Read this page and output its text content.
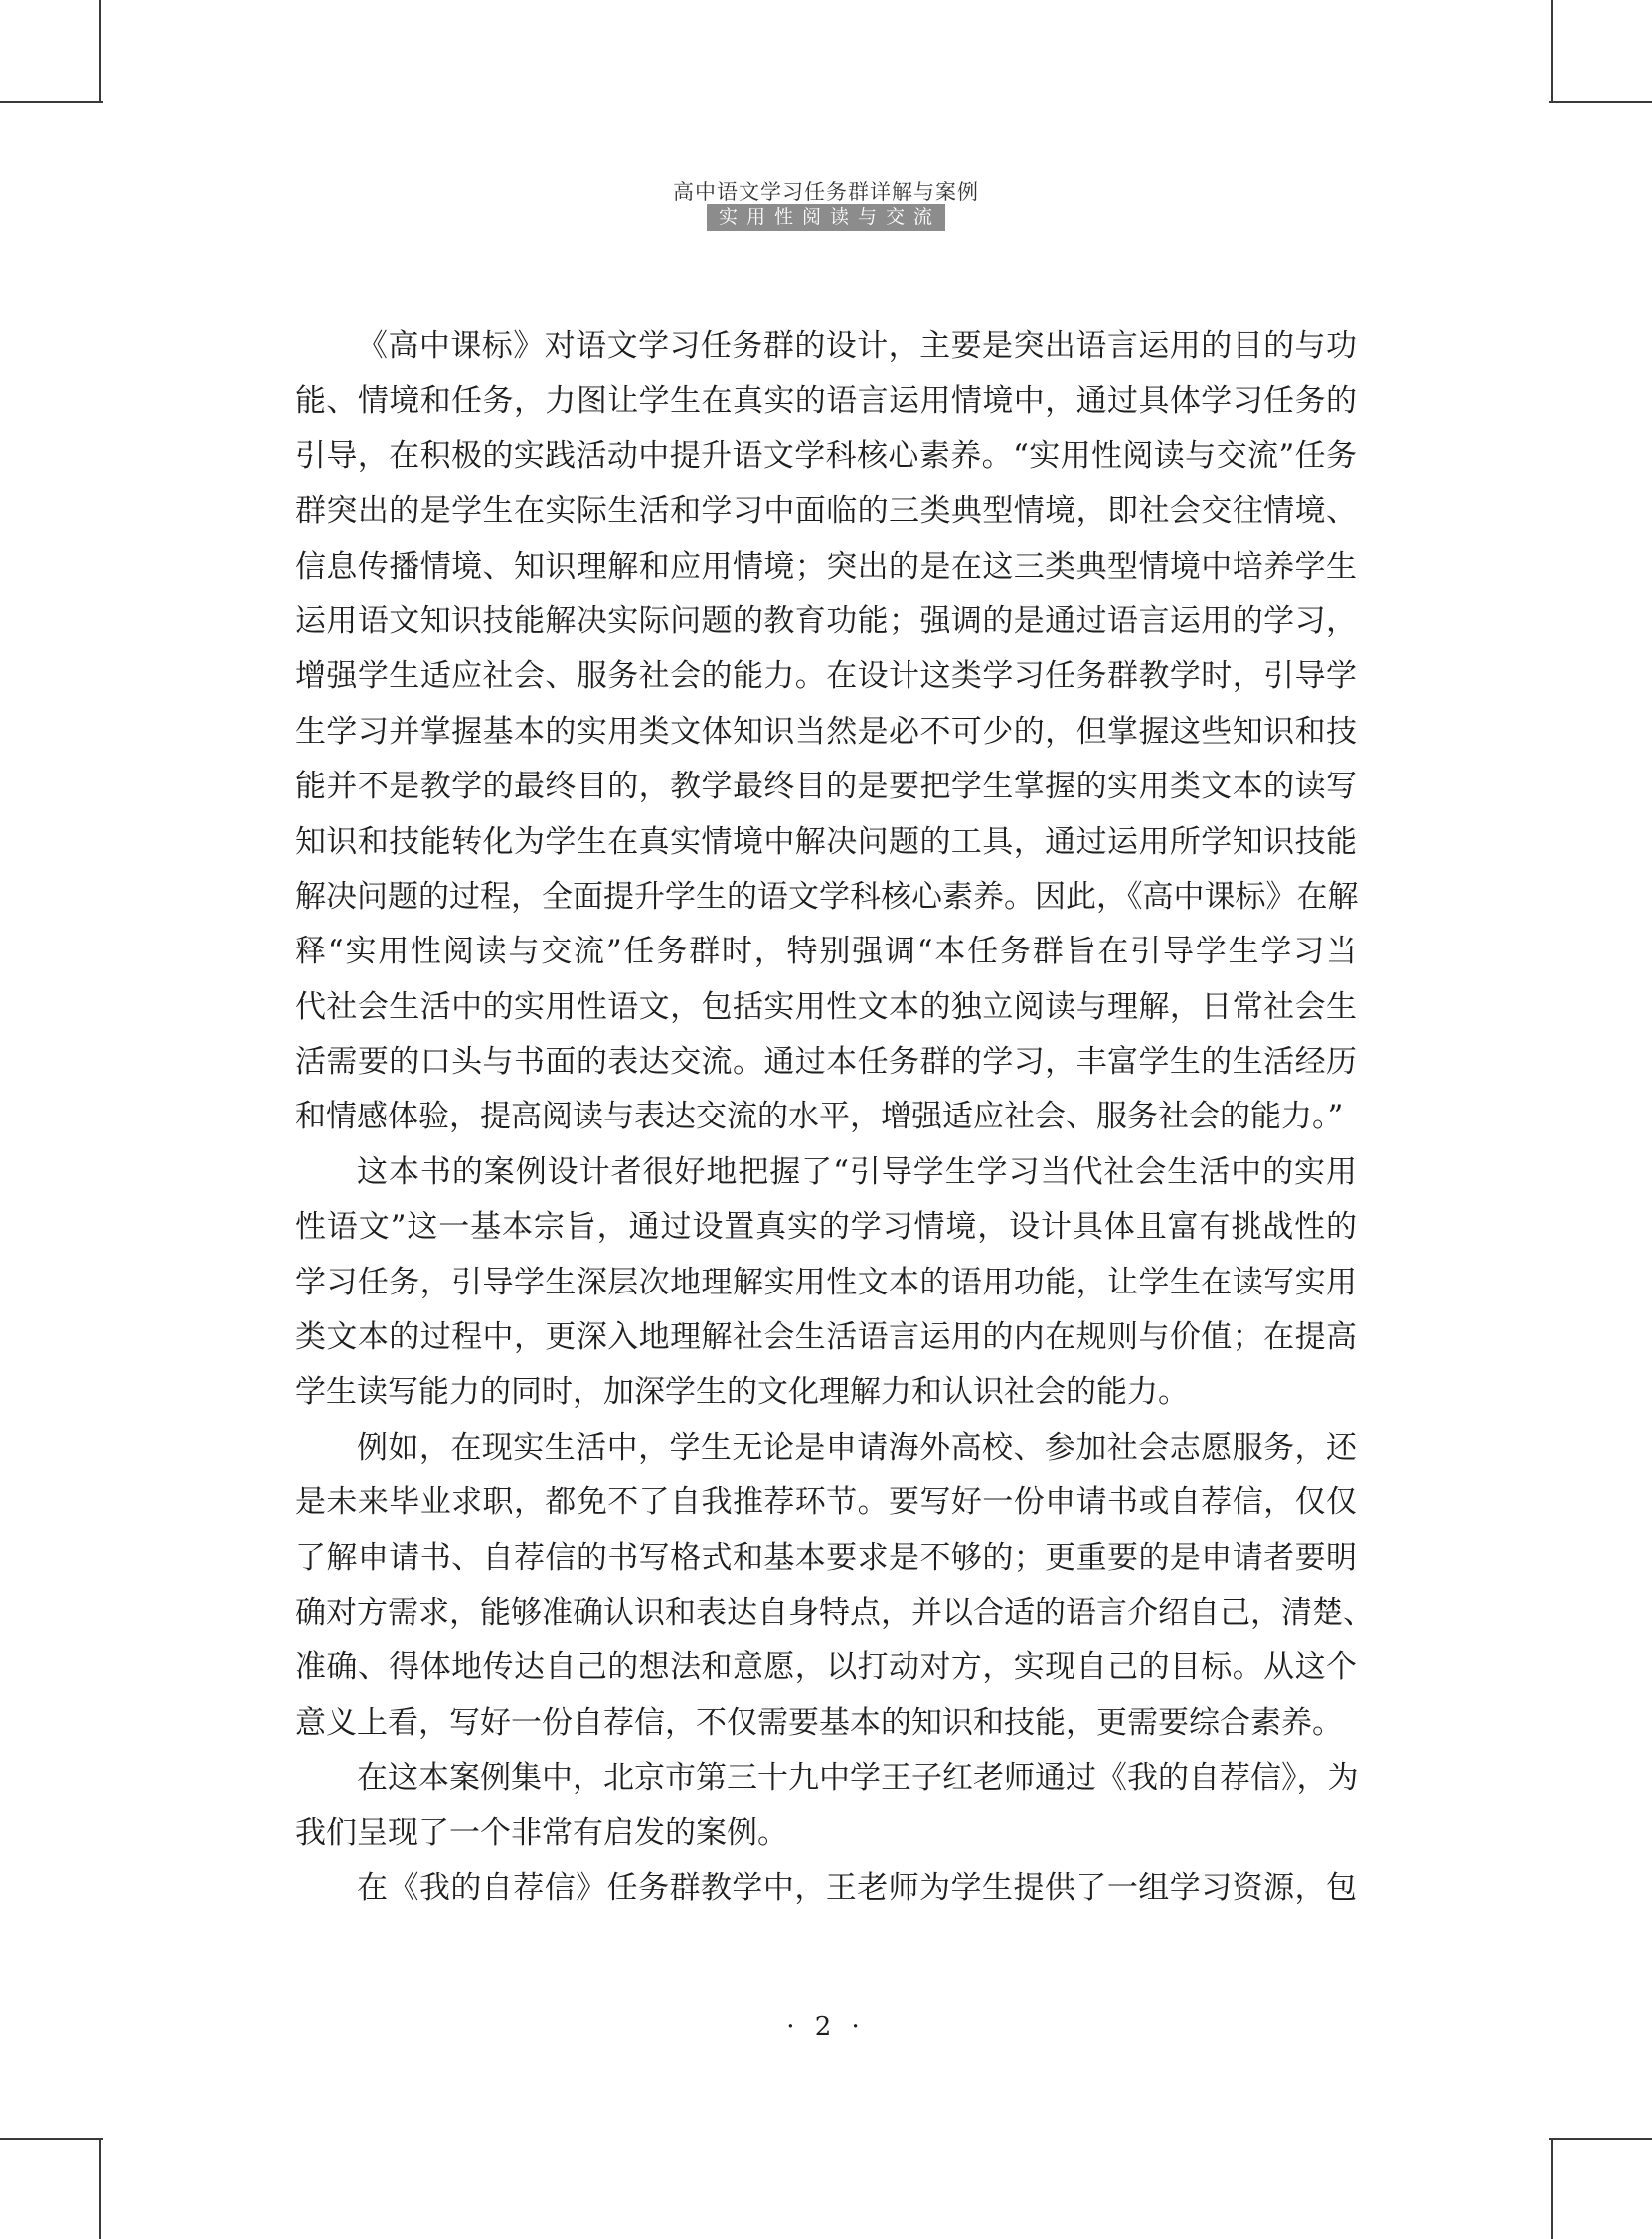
高中语文学习任务群详解与案例
实用性阅读与交流
《高中课标》对语文学习任务群的设计，主要是突出语言运用的目的与功
能、情境和任务，力图让学生在真实的语言运用情境中，通过具体学习任务的
引导，在积极的实践活动中提升语文学科核心素养。“实用性阅读与交流”任务
群突出的是学生在实际生活和学习中面临的三类典型情境，即社会交往情境、
信息传播情境、知识理解和应用情境；突出的是在这三类典型情境中培养学生
运用语文知识技能解决实际问题的教育功能；强调的是通过语言运用的学习，
增强学生适应社会、服务社会的能力。在设计这类学习任务群教学时，引导学
生学习并掌握基本的实用类文体知识当然是必不可少的，但掌握这些知识和技
能并不是教学的最终目的，教学最终目的是要把学生掌握的实用类文本的读写
知识和技能转化为学生在真实情境中解决问题的工具，通过运用所学知识技能
解决问题的过程，全面提升学生的语文学科核心素养。因此，《高中课标》在解
释“实用性阅读与交流”任务群时，特别强调“本任务群旨在引导学生学习当
代社会生活中的实用性语文，包括实用性文本的独立阅读与理解，日常社会生
活需要的口头与书面的表达交流。通过本任务群的学习，丰富学生的生活经历
和情感体验，提高阅读与表达交流的水平，增强适应社会、服务社会的能力。”
这本书的案例设计者很好地把握了“引导学生学习当代社会生活中的实用
性语文”这一基本宗旨，通过设置真实的学习情境，设计具体且富有挑战性的
学习任务，引导学生深层次地理解实用性文本的语用功能，让学生在读写实用
类文本的过程中，更深入地理解社会生活语言运用的内在规则与价值；在提高
学生读写能力的同时，加深学生的文化理解力和认识社会的能力。
例如，在现实生活中，学生无论是申请海外高校、参加社会志愿服务，还
是未来毕业求职，都免不了自我推荐环节。要写好一份申请书或自荐信，仅仅
了解申请书、自荐信的书写格式和基本要求是不够的；更重要的是申请者要明
确对方需求，能够准确认识和表达自身特点，并以合适的语言介绍自己，清楚、
准确、得体地传达自己的想法和意愿，以打动对方，实现自己的目标。从这个
意义上看，写好一份自荐信，不仅需要基本的知识和技能，更需要综合素养。
在这本案例集中，北京市第三十九中学王子红老师通过《我的自荐信》，为
我们呈现了一个非常有启发的案例。
在《我的自荐信》任务群教学中，王老师为学生提供了一组学习资源，包
· 2 ·
